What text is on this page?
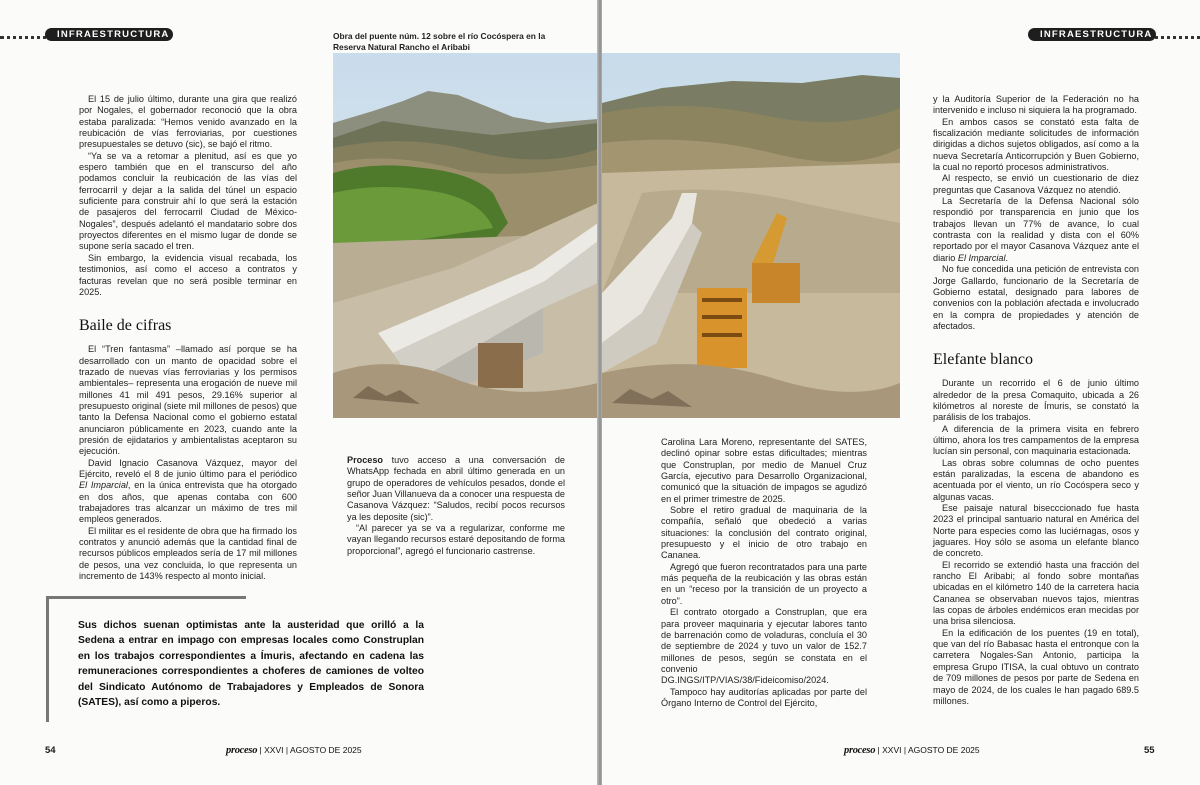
INFRAESTRUCTURA

El 15 de julio último, durante una gira que realizó por Nogales, el gobernador reconoció que la obra estaba paralizada: “Hemos venido avanzado en la reubicación de vías ferroviarias, por cuestiones presupuestales se detuvo (sic), se bajó el ritmo.

“Ya se va a retomar a plenitud, así es que yo espero también que en el transcurso del año podamos concluir la reubicación de las vías del ferrocarril y dejar a la salida del túnel un espacio suficiente para construir ahí lo que será la estación de pasajeros del ferrocarril Ciudad de México-Nogales”, después adelantó el mandatario sobre dos proyectos diferentes en el mismo lugar de donde se supone sería sacado el tren.

Sin embargo, la evidencia visual recabada, los testimonios, así como el acceso a contratos y facturas revelan que no será posible terminar en 2025.

Baile de cifras

El “Tren fantasma” –llamado así porque se ha desarrollado con un manto de opacidad sobre el trazado de nuevas vías ferroviarias y los permisos ambientales– representa una erogación de nueve mil millones 41 mil 491 pesos, 29.16% superior al presupuesto original (siete mil millones de pesos) que tanto la Defensa Nacional como el gobierno estatal anunciaron públicamente en 2023, cuando ante la presión de ejidatarios y ambientalistas aceptaron su ejecución.

David Ignacio Casanova Vázquez, mayor del Ejército, reveló el 8 de junio último para el periódico El Imparcial, en la única entrevista que ha otorgado en dos años, que apenas contaba con 600 trabajadores tras alcanzar un máximo de tres mil empleos generados.

El militar es el residente de obra que ha firmado los contratos y anunció además que la cantidad final de recursos públicos empleados sería de 17 mil millones de pesos, una vez concluida, lo que representa un incremento de 143% respecto al monto inicial.

Obra del puente núm. 12 sobre el río Cocóspera en la Reserva Natural Rancho el Aribabi

Proceso tuvo acceso a una conversación de WhatsApp fechada en abril último generada en un grupo de operadores de vehículos pesados, donde el señor Juan Villanueva da a conocer una respuesta de Casanova Vázquez: “Saludos, recibí pocos recursos ya les deposite (sic)”.

“Al parecer ya se va a regularizar, conforme me vayan llegando recursos estaré depositando de forma proporcional”, agregó el funcionario castrense.

Sus dichos suenan optimistas ante la austeridad que orilló a la Sedena a entrar en impago con empresas locales como Construplan en los trabajos correspondientes a Ímuris, afectando en cadena las remuneraciones correspondientes a choferes de camiones de volteo del Sindicato Autónomo de Trabajadores y Empleados de Sonora (SATES), así como a piperos.
54	proceso | XXVI | AGOSTO DE 2025
INFRAESTRUCTURA

Carolina Lara Moreno, representante del SATES, declinó opinar sobre estas dificultades; mientras que Construplan, por medio de Manuel Cruz García, ejecutivo para Desarrollo Organizacional, comunicó que la situación de impagos se agudizó en el primer trimestre de 2025.

Sobre el retiro gradual de maquinaria de la compañía, señaló que obedeció a varias situaciones: la conclusión del contrato original, presupuesto y el inicio de otro trabajo en Cananea.

Agregó que fueron recontratados para una parte más pequeña de la reubicación y las obras están en un “receso por la transición de un proyecto a otro”.

El contrato otorgado a Construplan, que era para proveer maquinaria y ejecutar labores tanto de barrenación como de voladuras, concluía el 30 de septiembre de 2024 y tuvo un valor de 152.7 millones de pesos, según se constata en el convenio DG.INGS/ITP/VIAS/38/Fideicomiso/2024.

Tampoco hay auditorías aplicadas por parte del Órgano Interno de Control del Ejército,

y la Auditoría Superior de la Federación no ha intervenido e incluso ni siquiera la ha programado.

En ambos casos se constató esta falta de fiscalización mediante solicitudes de información dirigidas a dichos sujetos obligados, así como a la nueva Secretaría Anticorrupción y Buen Gobierno, la cual no reportó procesos administrativos.

Al respecto, se envió un cuestionario de diez preguntas que Casanova Vázquez no atendió.

La Secretaría de la Defensa Nacional sólo respondió por transparencia en junio que los trabajos llevan un 77% de avance, lo cual contrasta con la realidad y dista con el 60% reportado por el mayor Casanova Vázquez ante el diario El Imparcial.

No fue concedida una petición de entrevista con Jorge Gallardo, funcionario de la Secretaría de Gobierno estatal, designado para labores de convenios con la población afectada e involucrado en la compra de propiedades y atención de afectados.

Elefante blanco

Durante un recorrido el 6 de junio último alrededor de la presa Comaquito, ubicada a 26 kilómetros al noreste de Ímuris, se constató la parálisis de los trabajos.

A diferencia de la primera visita en febrero último, ahora los tres campamentos de la empresa lucían sin personal, con maquinaria estacionada.

Las obras sobre columnas de ocho puentes están paralizadas, la escena de abandono es acentuada por el viento, un río Cocóspera seco y algunas vacas.

Ese paisaje natural bisecccionado fue hasta 2023 el principal santuario natural en América del Norte para especies como las luciérnagas, osos y jaguares. Hoy sólo se asoma un elefante blanco de concreto.

El recorrido se extendió hasta una fracción del rancho El Aribabi; al fondo sobre montañas ubicadas en el kilómetro 140 de la carretera hacia Cananea se observaban nuevos tajos, mientras las copas de árboles endémicos eran mecidas por una brisa silenciosa.

En la edificación de los puentes (19 en total), que van del río Babasac hasta el entronque con la carretera Nogales-San Antonio, participa la empresa Grupo ITISA, la cual obtuvo un contrato de 709 millones de pesos por parte de Sedena en mayo de 2024, de los cuales le han pagado 689.5 millones.

proceso | XXVI | AGOSTO DE 2025	55
